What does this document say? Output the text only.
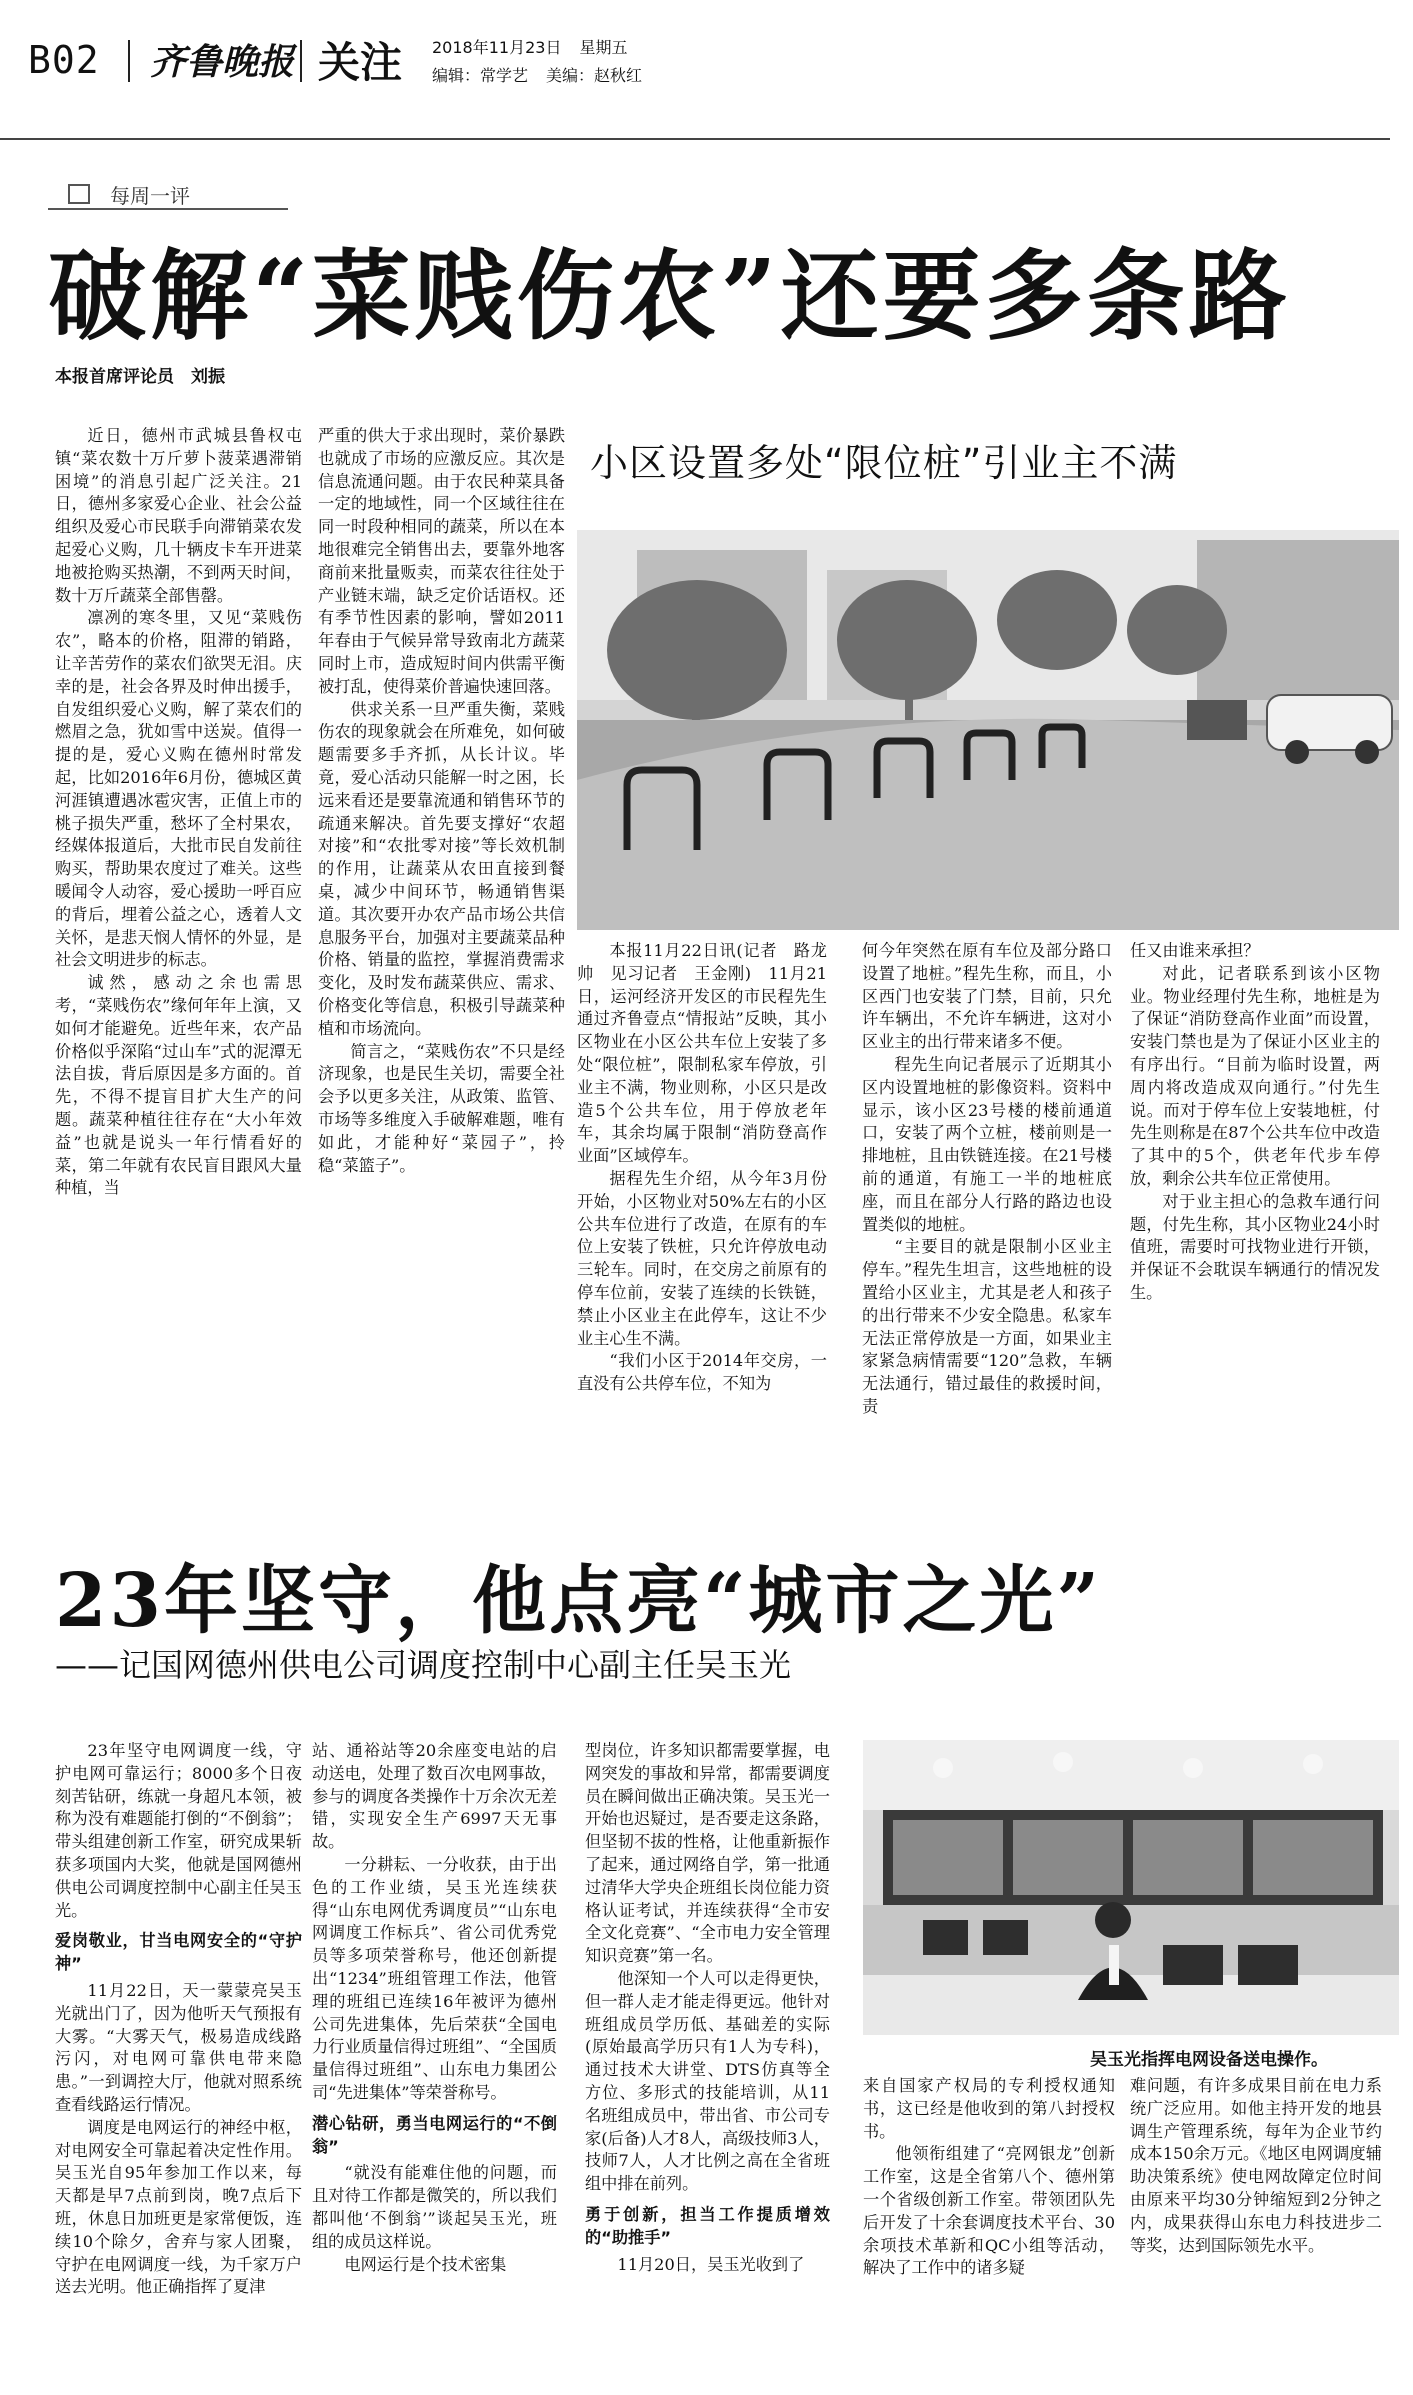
B02 齐鲁晚报 关注 2018年11月23日 星期五
编辑：常学艺 美编：赵秋红
每周一评
破解“菜贱伤农”还要多条路
本报首席评论员　刘振

近日，德州市武城县鲁权屯镇“菜农数十万斤萝卜菠菜遇滞销困境”的消息引起广泛关注。21日，德州多家爱心企业、社会公益组织及爱心市民联手向滞销菜农发起爱心义购，几十辆皮卡车开进菜地被抢购买热潮，不到两天时间，数十万斤蔬菜全部售罄。

凛冽的寒冬里，又见“菜贱伤农”，略本的价格，阻滞的销路，让辛苦劳作的菜农们欲哭无泪。庆幸的是，社会各界及时伸出援手，自发组织爱心义购，解了菜农们的燃眉之急，犹如雪中送炭。值得一提的是，爱心义购在德州时常发起，比如2016年6月份，德城区黄河涯镇遭遇冰雹灾害，正值上市的桃子损失严重，愁坏了全村果农，经媒体报道后，大批市民自发前往购买，帮助果农度过了难关。这些暖闻令人动容，爱心援助一呼百应的背后，埋着公益之心，透着人文关怀，是悲天悯人情怀的外显，是社会文明进步的标志。

诚然，感动之余也需思考，“菜贱伤农”缘何年年上演，又如何才能避免。近些年来，农产品价格似乎深陷“过山车”式的泥潭无法自拔，背后原因是多方面的。首先，不得不提盲目扩大生产的问题。蔬菜种植往往存在“大小年效益”也就是说头一年行情看好的菜，第二年就有农民盲目跟风大量种植，当

严重的供大于求出现时，菜价暴跌也就成了市场的应激反应。其次是信息流通问题。由于农民种菜具备一定的地域性，同一个区域往往在同一时段种相同的蔬菜，所以在本地很难完全销售出去，要靠外地客商前来批量贩卖，而菜农往往处于产业链末端，缺乏定价话语权。还有季节性因素的影响，譬如2011年春由于气候异常导致南北方蔬菜同时上市，造成短时间内供需平衡被打乱，使得菜价普遍快速回落。

供求关系一旦严重失衡，菜贱伤农的现象就会在所难免，如何破题需要多手齐抓，从长计议。毕竟，爱心活动只能解一时之困，长远来看还是要靠流通和销售环节的疏通来解决。首先要支撑好“农超对接”和“农批零对接”等长效机制的作用，让蔬菜从农田直接到餐桌，减少中间环节，畅通销售渠道。其次要开办农产品市场公共信息服务平台，加强对主要蔬菜品种价格、销量的监控，掌握消费需求变化，及时发布蔬菜供应、需求、价格变化等信息，积极引导蔬菜种植和市场流向。

简言之，“菜贱伤农”不只是经济现象，也是民生关切，需要全社会予以更多关注，从政策、监管、市场等多维度入手破解难题，唯有如此，才能种好“菜园子”，拎稳“菜篮子”。

小区设置多处“限位桩”引业主不满

本报11月22日讯(记者　路龙帅　见习记者　王金刚)　11月21日，运河经济开发区的市民程先生通过齐鲁壹点“情报站”反映，其小区物业在小区公共车位上安装了多处“限位桩”，限制私家车停放，引业主不满，物业则称，小区只是改造5个公共车位，用于停放老年车，其余均属于限制“消防登高作业面”区域停车。

据程先生介绍，从今年3月份开始，小区物业对50%左右的小区公共车位进行了改造，在原有的车位上安装了铁桩，只允许停放电动三轮车。同时，在交房之前原有的停车位前，安装了连续的长铁链，禁止小区业主在此停车，这让不少业主心生不满。

“我们小区于2014年交房，一直没有公共停车位，不知为

何今年突然在原有车位及部分路口设置了地桩。”程先生称，而且，小区西门也安装了门禁，目前，只允许车辆出，不允许车辆进，这对小区业主的出行带来诸多不便。

程先生向记者展示了近期其小区内设置地桩的影像资料。资料中显示，该小区23号楼的楼前通道口，安装了两个立桩，楼前则是一排地桩，且由铁链连接。在21号楼前的通道，有施工一半的地桩底座，而且在部分人行路的路边也设置类似的地桩。

“主要目的就是限制小区业主停车。”程先生坦言，这些地桩的设置给小区业主，尤其是老人和孩子的出行带来不少安全隐患。私家车无法正常停放是一方面，如果业主家紧急病情需要“120”急救，车辆无法通行，错过最佳的救援时间，责

任又由谁来承担？

对此，记者联系到该小区物业。物业经理付先生称，地桩是为了保证“消防登高作业面”而设置，安装门禁也是为了保证小区业主的有序出行。“目前为临时设置，两周内将改造成双向通行。”付先生说。而对于停车位上安装地桩，付先生则称是在87个公共车位中改造了其中的5个，供老年代步车停放，剩余公共车位正常使用。

对于业主担心的急救车通行问题，付先生称，其小区物业24小时值班，需要时可找物业进行开锁，并保证不会耽误车辆通行的情况发生。

23年坚守，他点亮“城市之光”
——记国网德州供电公司调度控制中心副主任吴玉光

23年坚守电网调度一线，守护电网可靠运行；8000多个日夜刻苦钻研，练就一身超凡本领，被称为没有难题能打倒的“不倒翁”；带头组建创新工作室，研究成果斩获多项国内大奖，他就是国网德州供电公司调度控制中心副主任吴玉光。

爱岗敬业，甘当电网安全的“守护神”

11月22日，天一蒙蒙亮吴玉光就出门了，因为他听天气预报有大雾。“大雾天气，极易造成线路污闪，对电网可靠供电带来隐患。”一到调控大厅，他就对照系统查看线路运行情况。

调度是电网运行的神经中枢，对电网安全可靠起着决定性作用。吴玉光自95年参加工作以来，每天都是早7点前到岗，晚7点后下班，休息日加班更是家常便饭，连续10个除夕，舍弃与家人团聚，守护在电网调度一线，为千家万户送去光明。他正确指挥了夏津

站、通裕站等20余座变电站的启动送电，处理了数百次电网事故，参与的调度各类操作十万余次无差错，实现安全生产6997天无事故。

一分耕耘、一分收获，由于出色的工作业绩，吴玉光连续获得“山东电网优秀调度员”“山东电网调度工作标兵”、省公司优秀党员等多项荣誉称号，他还创新提出“1234”班组管理工作法，他管理的班组已连续16年被评为德州公司先进集体，先后荣获“全国电力行业质量信得过班组”、“全国质量信得过班组”、山东电力集团公司“先进集体”等荣誉称号。

潜心钻研，勇当电网运行的“不倒翁”

“就没有能难住他的问题，而且对待工作都是微笑的，所以我们都叫他‘不倒翁’”谈起吴玉光，班组的成员这样说。

电网运行是个技术密集

型岗位，许多知识都需要掌握，电网突发的事故和异常，都需要调度员在瞬间做出正确决策。吴玉光一开始也迟疑过，是否要走这条路，但坚韧不拔的性格，让他重新振作了起来，通过网络自学，第一批通过清华大学央企班组长岗位能力资格认证考试，并连续获得“全市安全文化竞赛”、“全市电力安全管理知识竞赛”第一名。

他深知一个人可以走得更快，但一群人走才能走得更远。他针对班组成员学历低、基础差的实际(原始最高学历只有1人为专科)，通过技术大讲堂、DTS仿真等全方位、多形式的技能培训，从11名班组成员中，带出省、市公司专家(后备)人才8人，高级技师3人，技师7人，人才比例之高在全省班组中排在前列。

勇于创新，担当工作提质增效的“助推手”

11月20日，吴玉光收到了

吴玉光指挥电网设备送电操作。

来自国家产权局的专利授权通知书，这已经是他收到的第八封授权书。

他领衔组建了“亮网银龙”创新工作室，这是全省第八个、德州第一个省级创新工作室。带领团队先后开发了十余套调度技术平台、30余项技术革新和QC小组等活动，解决了工作中的诸多疑

难问题，有许多成果目前在电力系统广泛应用。如他主持开发的地县调生产管理系统，每年为企业节约成本150余万元。《地区电网调度辅助决策系统》使电网故障定位时间由原来平均30分钟缩短到2分钟之内，成果获得山东电力科技进步二等奖，达到国际领先水平。
